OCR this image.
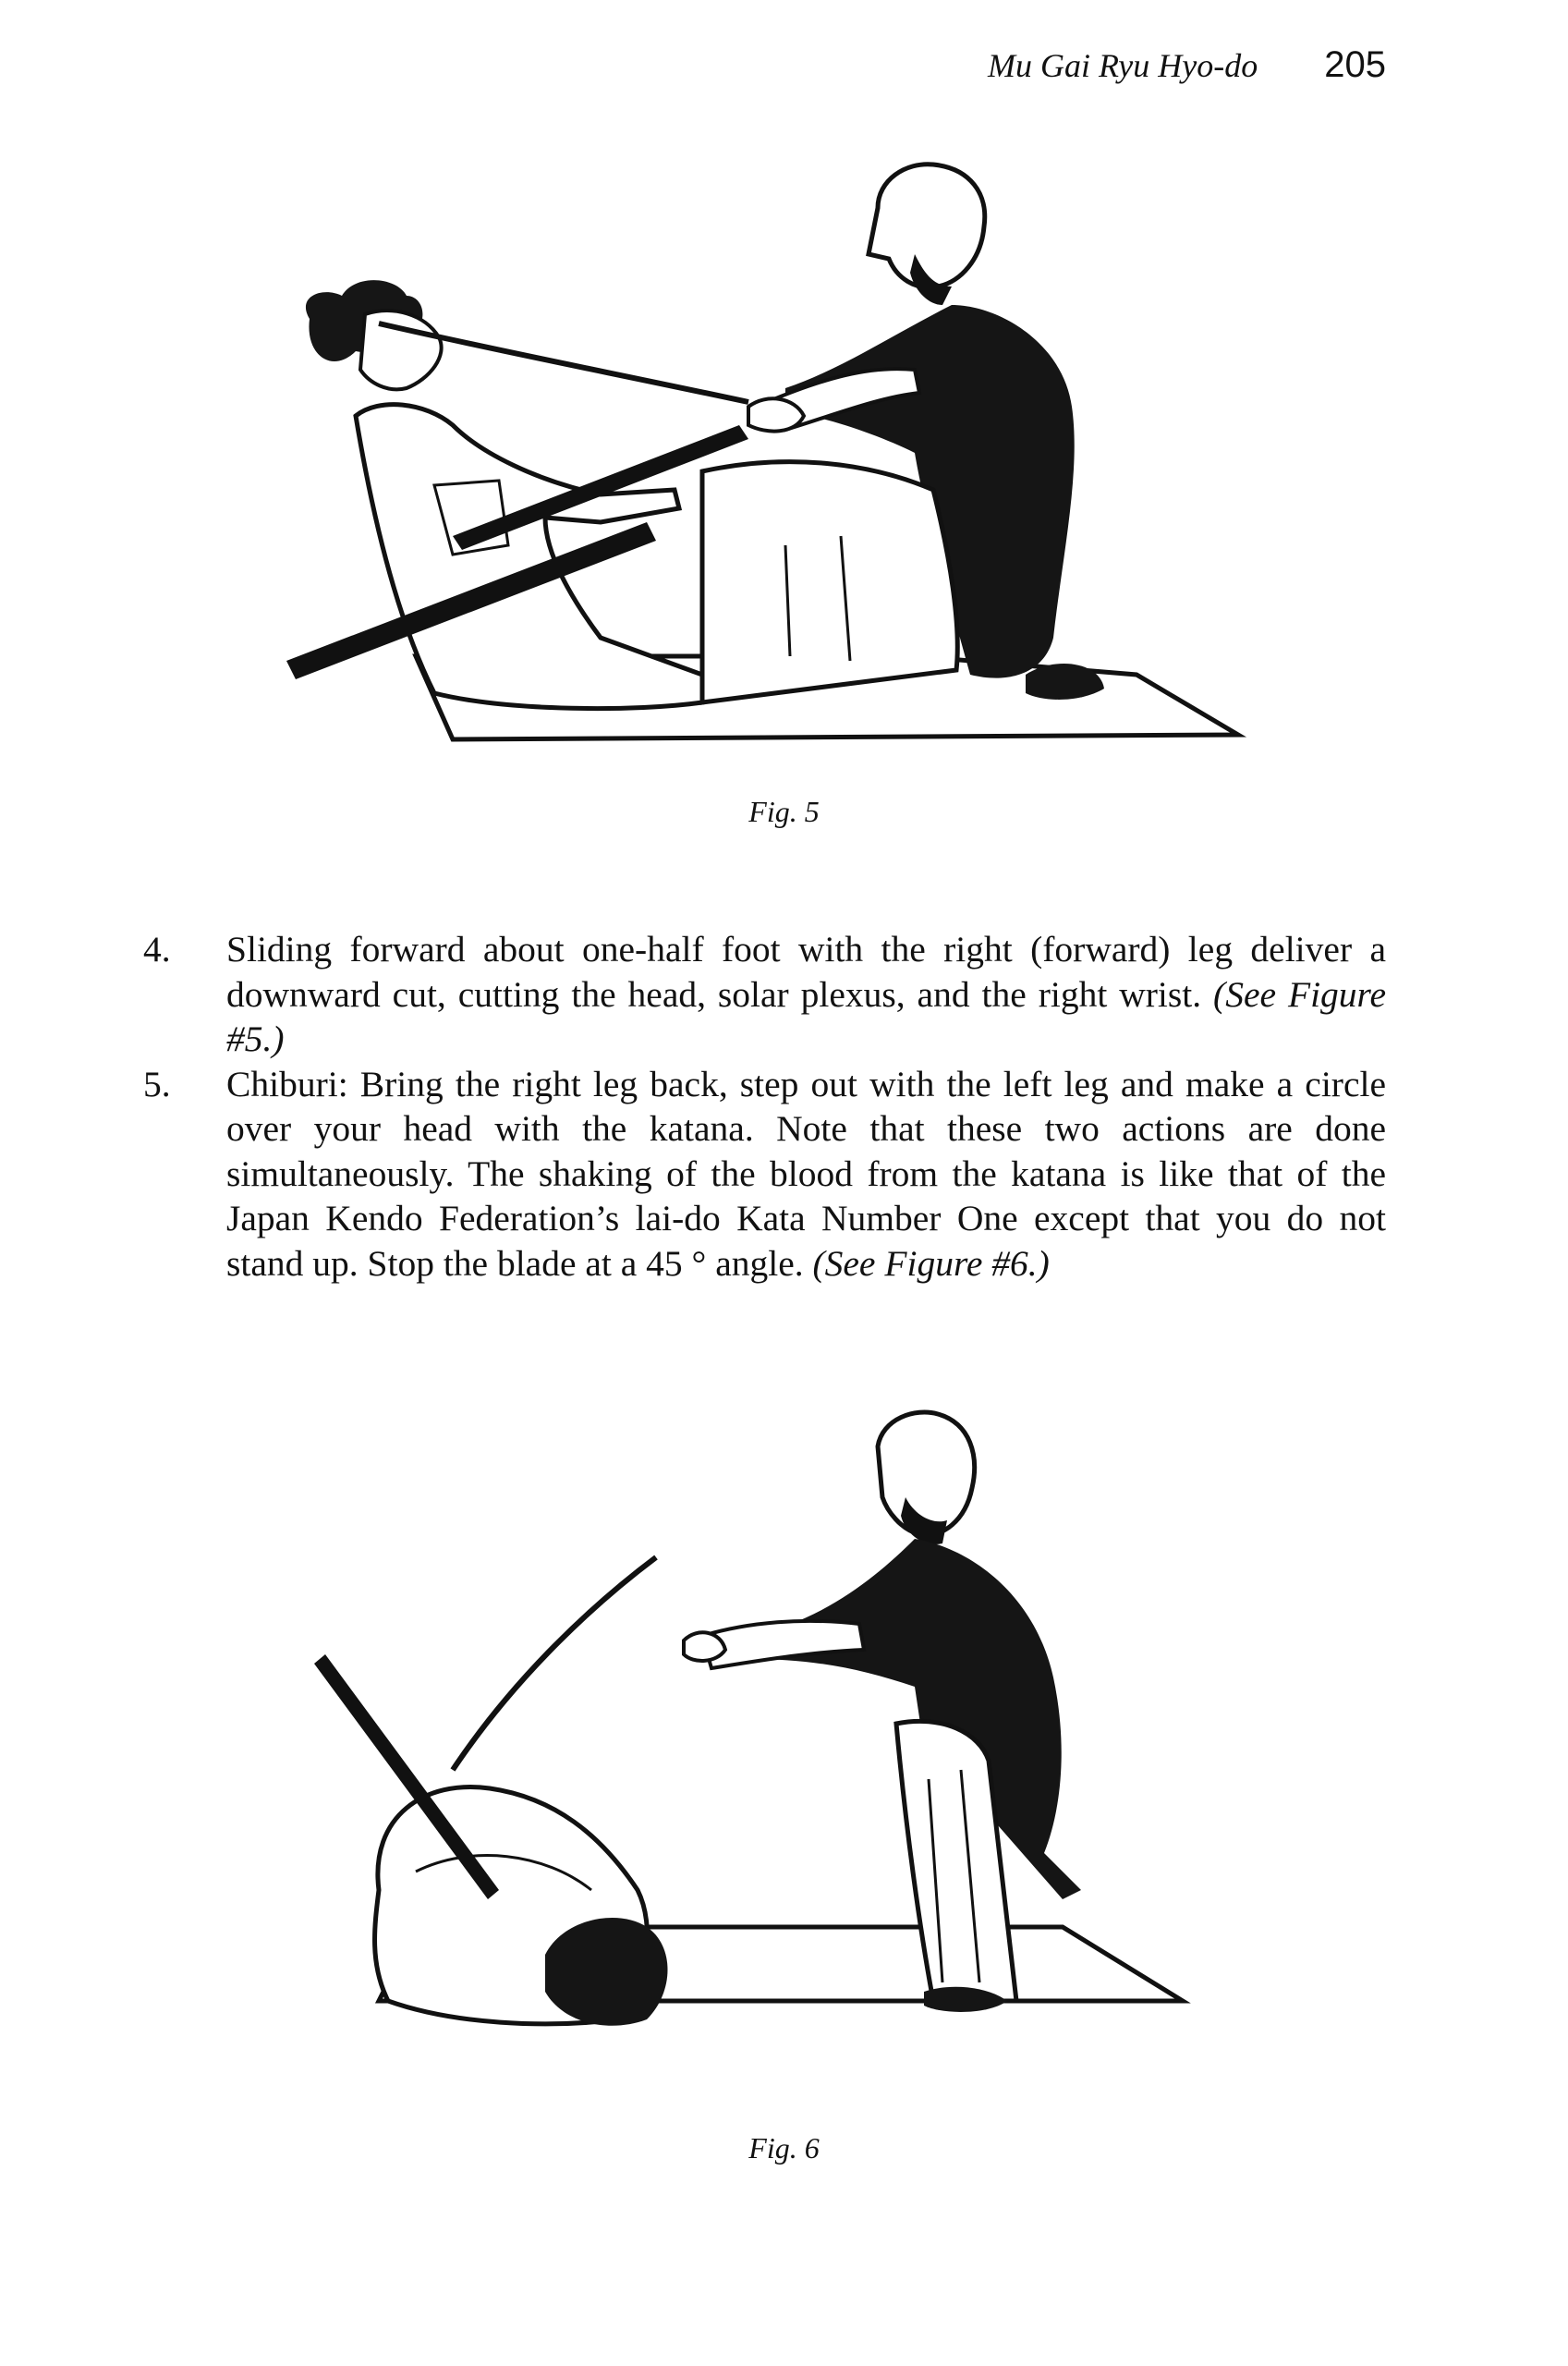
Mu Gai Ryu Hyo-do 205
Fig. 5
4.	Sliding forward about one-half foot with the right (forward) leg deliver a downward cut, cutting the head, solar plexus, and the right wrist. (See Figure #5.)
5.	Chiburi: Bring the right leg back, step out with the left leg and make a circle over your head with the katana. Note that these two actions are done simultaneously. The shaking of the blood from the katana is like that of the Japan Kendo Federation’s lai-do Kata Number One except that you do not stand up. Stop the blade at a 45 ° angle. (See Figure #6.)
Fig. 6
